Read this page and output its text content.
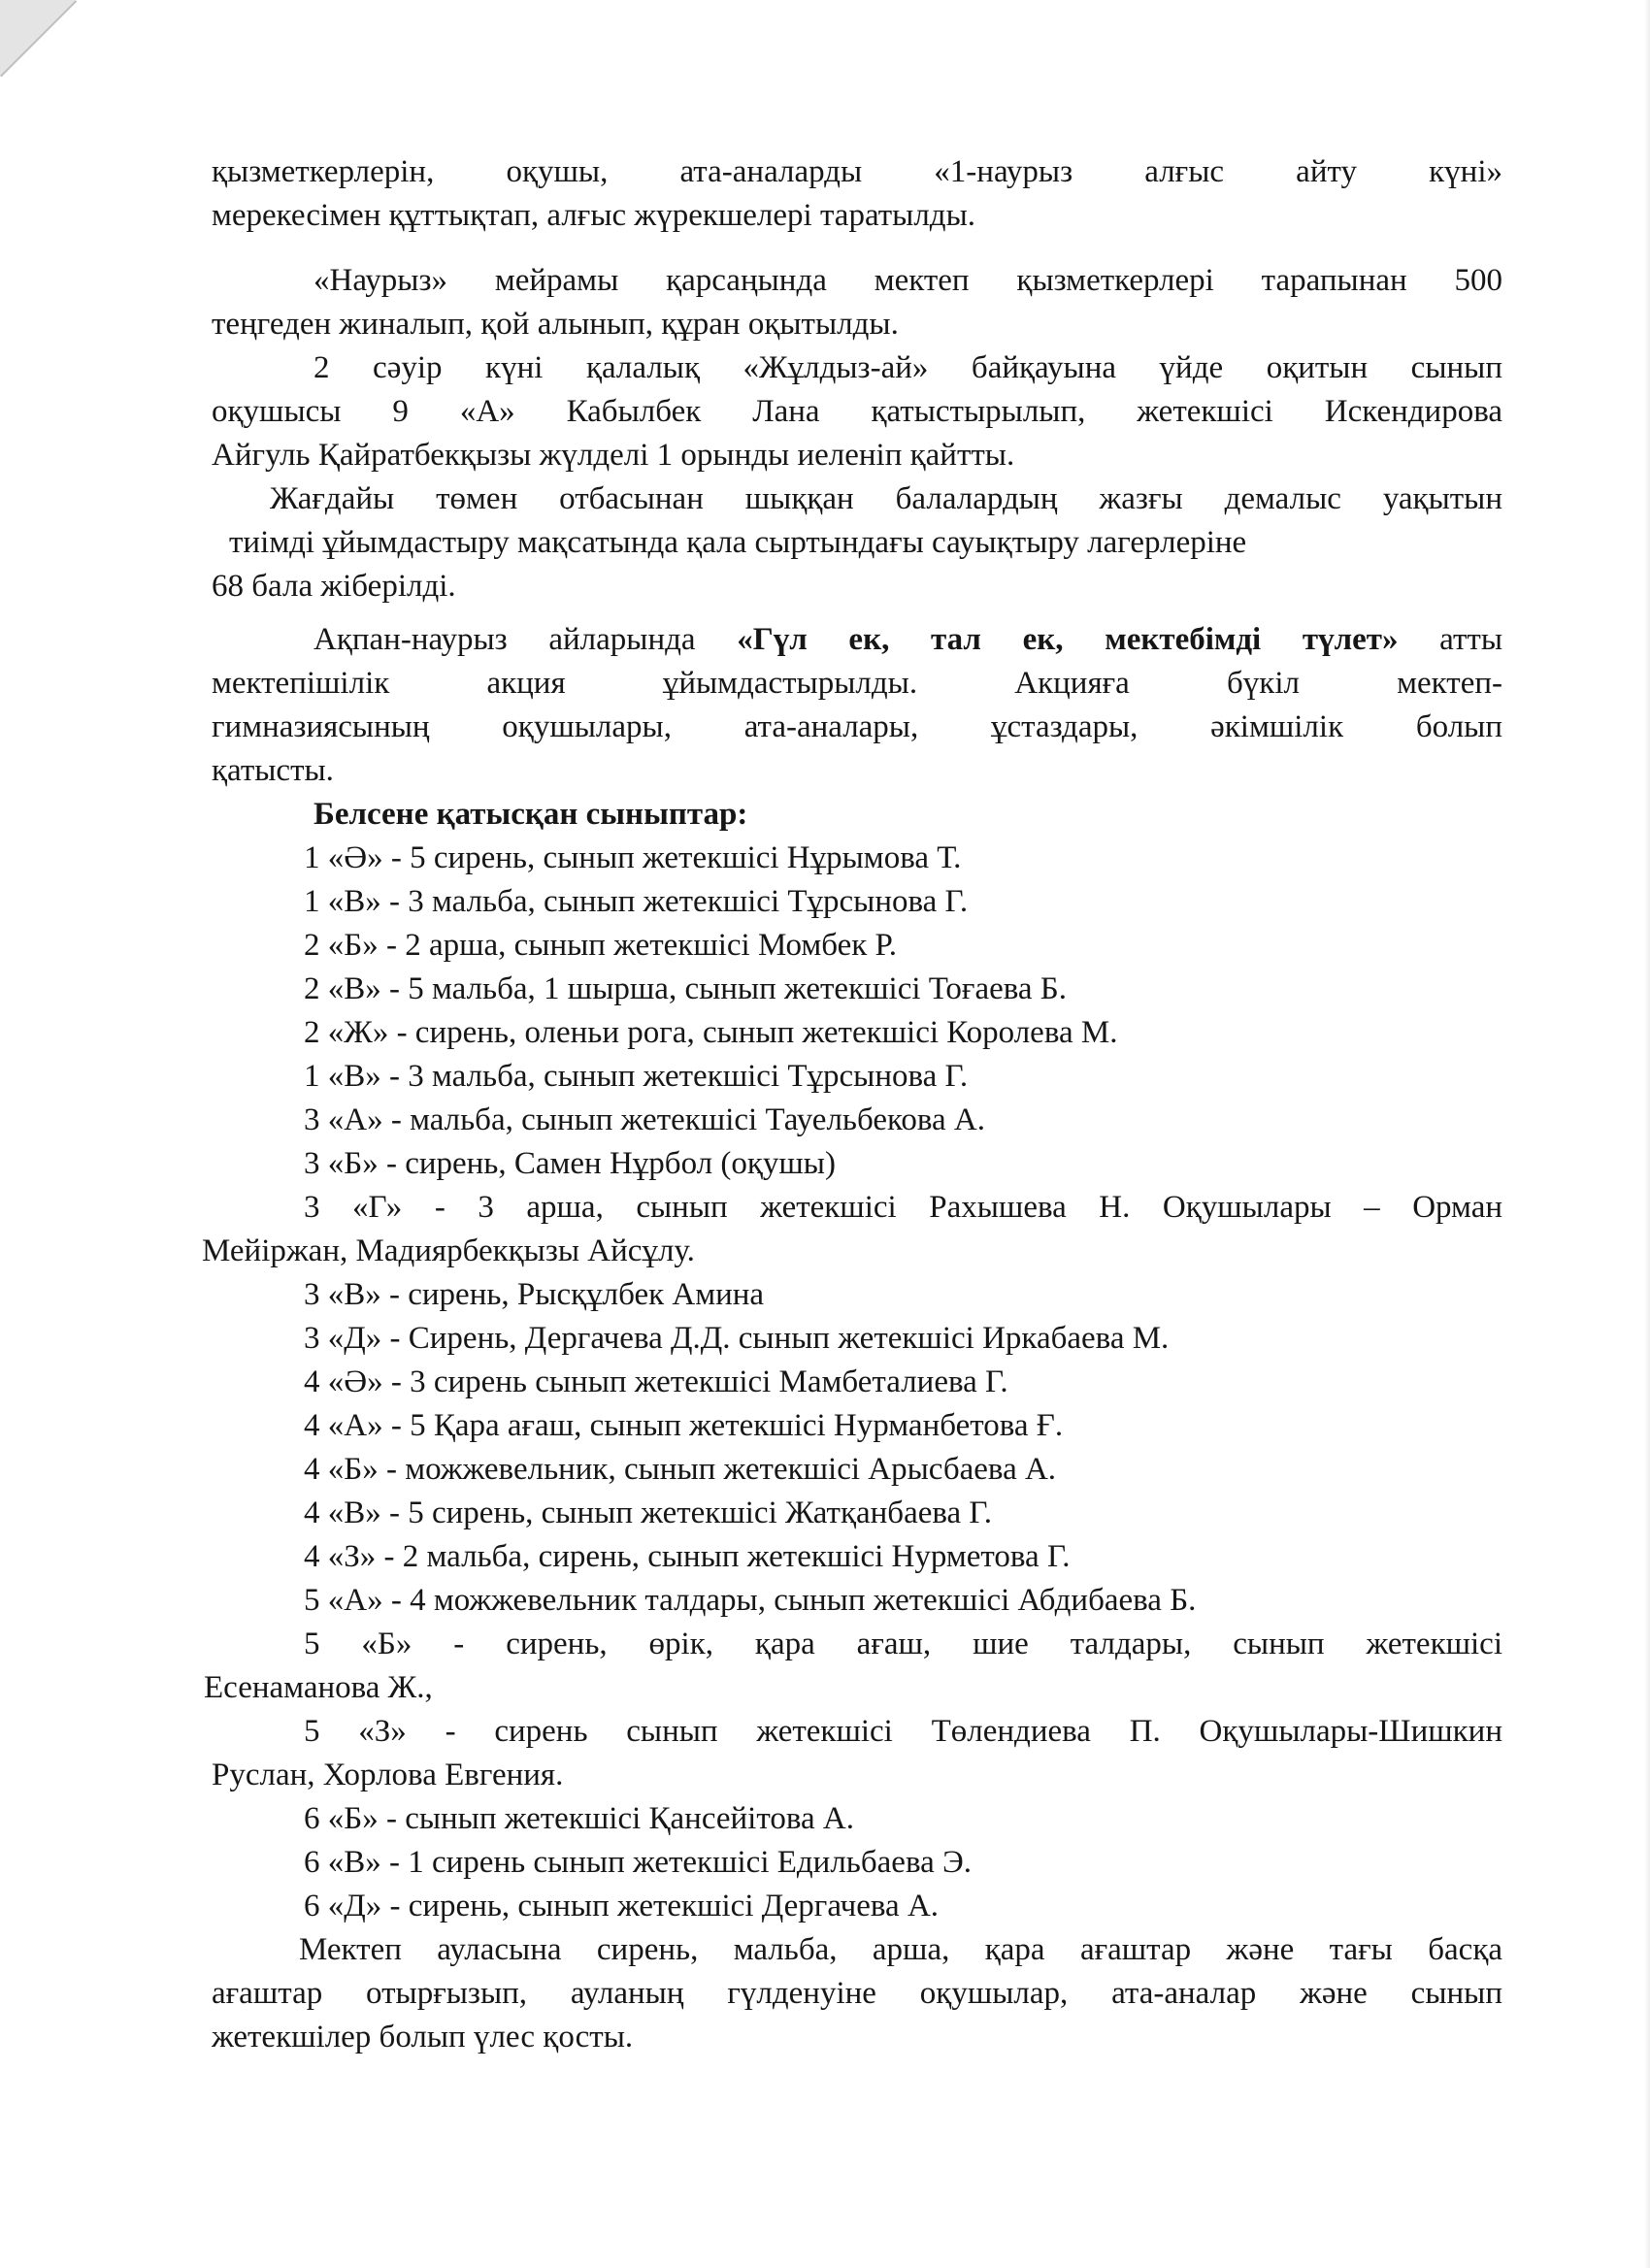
қызметкерлерін, оқушы, ата-аналарды «1-наурыз алғыс айту күні»

мерекесімен құттықтап, алғыс жүрекшелері таратылды.

«Наурыз» мейрамы қарсаңында мектеп қызметкерлері тарапынан 500

теңгеден жиналып, қой алынып, құран оқытылды.

2 сәуір күні қалалық «Жұлдыз-ай» байқауына үйде оқитын сынып

оқушысы 9 «А» Кабылбек Лана қатыстырылып, жетекшісі Искендирова

Айгуль Қайратбекқызы жүлделі 1 орынды иеленіп қайтты.

Жағдайы төмен отбасынан шыққан балалардың жазғы демалыс уақытын

тиімді ұйымдастыру мақсатында қала сыртындағы сауықтыру лагерлеріне

68 бала жіберілді.

Ақпан-наурыз айларында «Гүл ек, тал ек, мектебімді түлет» атты

мектепішілік акция ұйымдастырылды. Акцияға бүкіл мектеп-

гимназиясының оқушылары, ата-аналары, ұстаздары, әкімшілік болып

қатысты.

Белсене қатысқан сыныптар:

1 «Ә» - 5 сирень, сынып жетекшісі Нұрымова Т.

1 «В» - 3 мальба, сынып жетекшісі Тұрсынова Г.

2 «Б» - 2 арша, сынып жетекшісі Момбек Р.

2 «В» - 5 мальба, 1 шырша, сынып жетекшісі Тоғаева Б.

2 «Ж» - сирень, оленьи рога, сынып жетекшісі Королева М.

1 «В» - 3 мальба, сынып жетекшісі Тұрсынова Г.

3 «А» - мальба, сынып жетекшісі Тауельбекова А.

3 «Б» - сирень, Самен Нұрбол (оқушы)

3 «Г» - 3 арша, сынып жетекшісі Рахышева Н. Оқушылары – Орман

Мейіржан, Мадиярбекқызы Айсұлу.

3 «В» - сирень, Рысқұлбек Амина

3 «Д» - Сирень, Дергачева Д.Д. сынып жетекшісі Иркабаева М.

4 «Ә» - 3 сирень сынып жетекшісі Мамбеталиева Г.

4 «А» - 5 Қара ағаш, сынып жетекшісі Нурманбетова Ғ.

4 «Б» - можжевельник, сынып жетекшісі Арысбаева А.

4 «В» - 5 сирень, сынып жетекшісі Жатқанбаева Г.

4 «З» - 2 мальба, сирень, сынып жетекшісі Нурметова Г.

5 «А» - 4 можжевельник талдары, сынып жетекшісі Абдибаева Б.

5 «Б» - сирень, өрік, қара ағаш, шие талдары, сынып жетекшісі

Есенаманова Ж.,

5 «З» - сирень сынып жетекшісі Төлендиева П. Оқушылары-Шишкин

Руслан, Хорлова Евгения.

6 «Б» - сынып жетекшісі Қансейітова А.

6 «В» - 1 сирень сынып жетекшісі Едильбаева Э.

6 «Д» - сирень, сынып жетекшісі Дергачева А.

Мектеп ауласына сирень, мальба, арша, қара ағаштар және тағы басқа

ағаштар отырғызып, ауланың гүлденуіне оқушылар, ата-аналар және сынып

жетекшілер болып үлес қосты.
